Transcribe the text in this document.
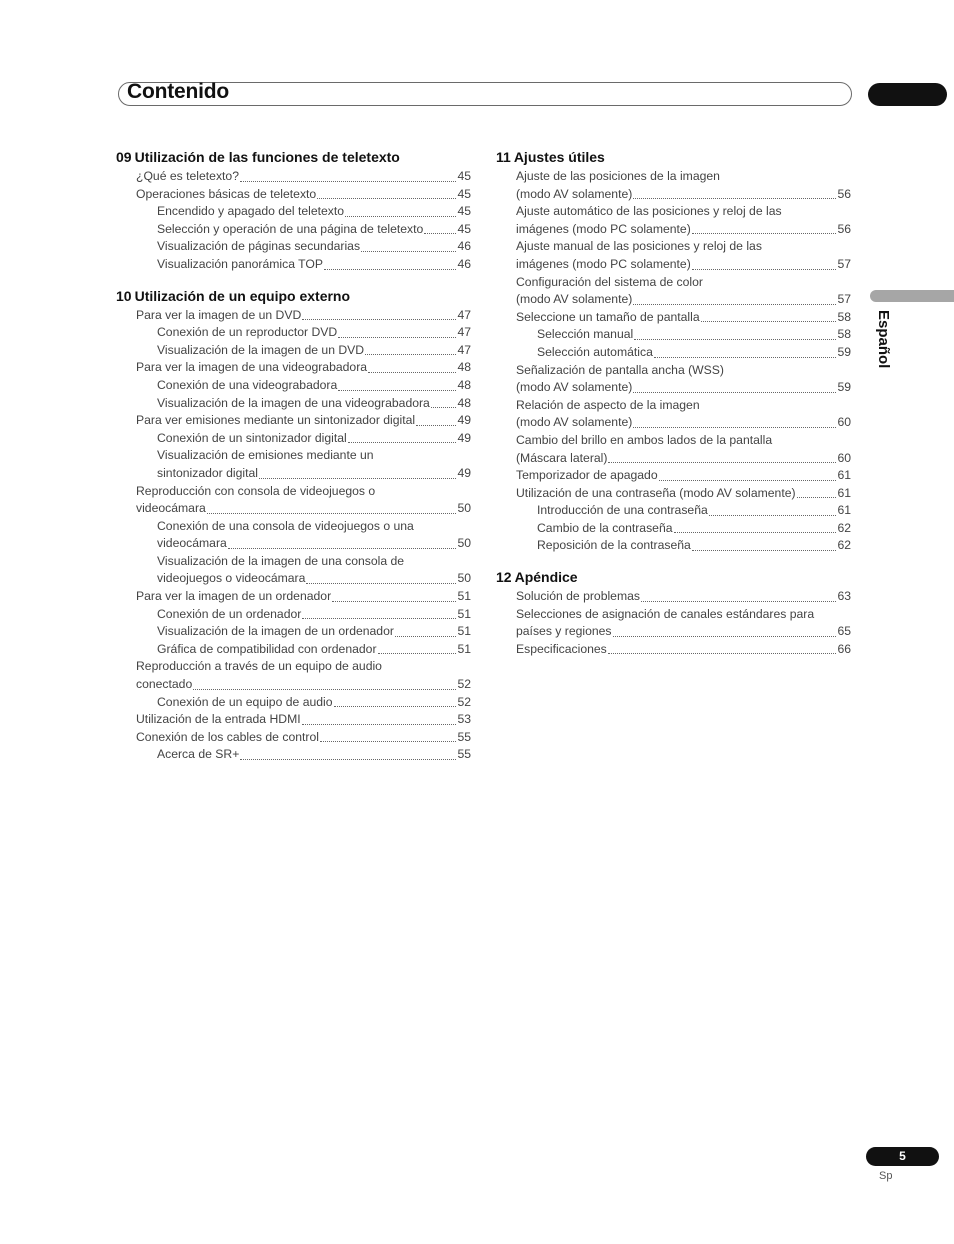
Contenido
Español
09 Utilización de las funciones de teletexto
¿Qué es teletexto?	45
Operaciones básicas de teletexto	45
Encendido y apagado del teletexto	45
Selección y operación de una página de teletexto	45
Visualización de páginas secundarias	46
Visualización panorámica TOP	46
10 Utilización de un equipo externo
Para ver la imagen de un DVD	47
Conexión de un reproductor DVD	47
Visualización de la imagen de un DVD	47
Para ver la imagen de una videograbadora	48
Conexión de una videograbadora	48
Visualización de la imagen de una videograbadora 48
Para ver emisiones mediante un sintonizador digital	49
Conexión de un sintonizador digital	49
Visualización de emisiones mediante un
sintonizador digital	49
Reproducción con consola de videojuegos o
videocámara	50
Conexión de una consola de videojuegos o una
videocámara	50
Visualización de la imagen de una consola de
videojuegos o videocámara	50
Para ver la imagen de un ordenador	51
Conexión de un ordenador	51
Visualización de la imagen de un ordenador	51
Gráfica de compatibilidad con ordenador	51
Reproducción a través de un equipo de audio
conectado	52
Conexión de un equipo de audio	52
Utilización de la entrada HDMI	53
Conexión de los cables de control	55
Acerca de SR+	55
11 Ajustes útiles
Ajuste de las posiciones de la imagen
(modo AV solamente)	56
Ajuste automático de las posiciones y reloj de las
imágenes (modo PC solamente)	56
Ajuste manual de las posiciones y reloj de las
imágenes (modo PC solamente)	57
Configuración del sistema de color
(modo AV solamente)	57
Seleccione un tamaño de pantalla	58
Selección manual	58
Selección automática	59
Señalización de pantalla ancha (WSS)
(modo AV solamente)	59
Relación de aspecto de la imagen
(modo AV solamente)	60
Cambio del brillo en ambos lados de la pantalla
(Máscara lateral)	60
Temporizador de apagado	61
Utilización de una contraseña (modo AV solamente)	61
Introducción de una contraseña	61
Cambio de la contraseña	62
Reposición de la contraseña	62
12 Apéndice
Solución de problemas	63
Selecciones de asignación de canales estándares para
países y regiones	65
Especificaciones	66
5
Sp
